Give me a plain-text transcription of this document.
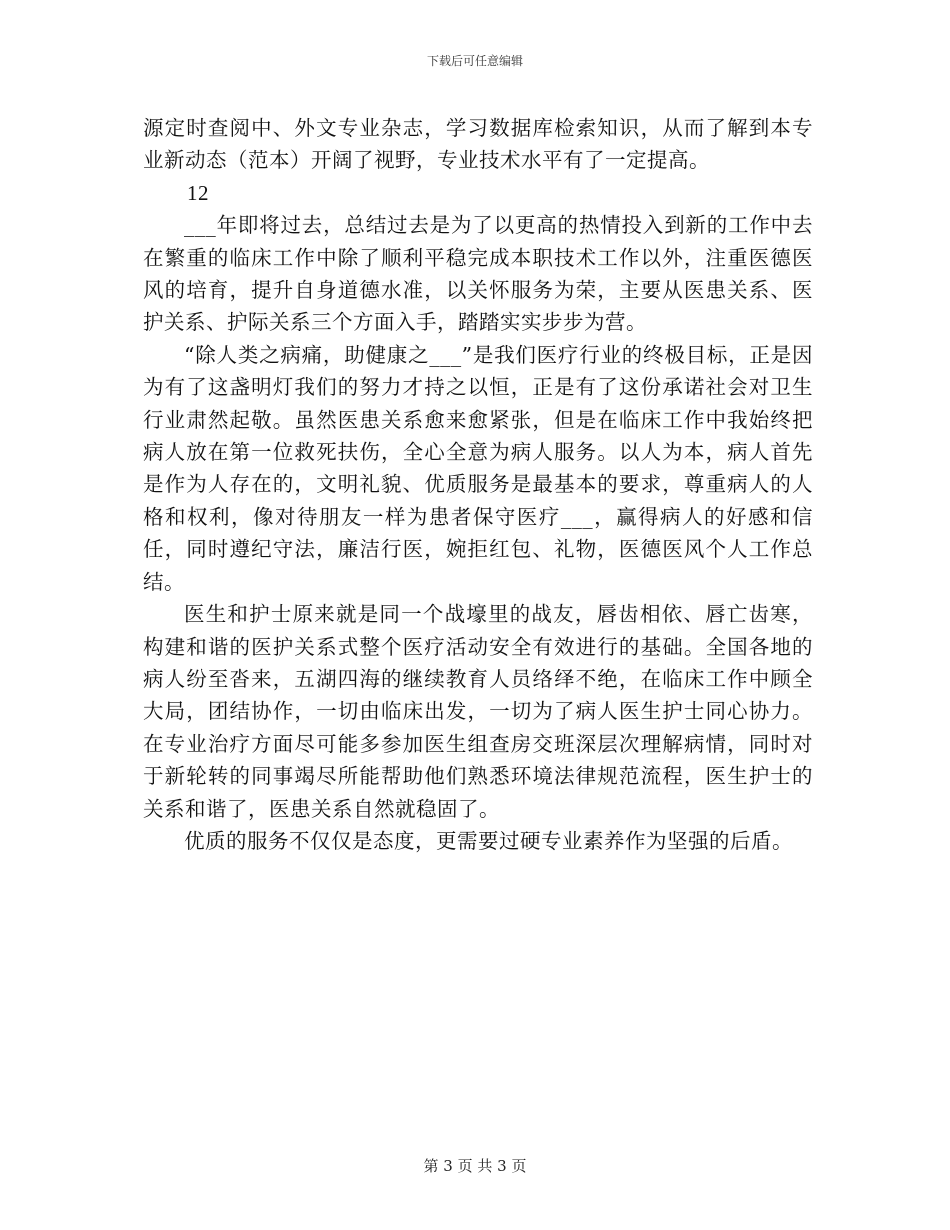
下载后可任意编辑

源定时查阅中、外文专业杂志，学习数据库检索知识，从而了解到本专业新动态（范本）开阔了视野，专业技术水平有了一定提高。

12

___年即将过去，总结过去是为了以更高的热情投入到新的工作中去在繁重的临床工作中除了顺利平稳完成本职技术工作以外，注重医德医风的培育，提升自身道德水准，以关怀服务为荣，主要从医患关系、医护关系、护际关系三个方面入手，踏踏实实步步为营。

“除人类之病痛，助健康之___”是我们医疗行业的终极目标，正是因为有了这盏明灯我们的努力才持之以恒，正是有了这份承诺社会对卫生行业肃然起敬。虽然医患关系愈来愈紧张，但是在临床工作中我始终把病人放在第一位救死扶伤，全心全意为病人服务。以人为本，病人首先是作为人存在的，文明礼貌、优质服务是最基本的要求，尊重病人的人格和权利，像对待朋友一样为患者保守医疗___，赢得病人的好感和信任，同时遵纪守法，廉洁行医，婉拒红包、礼物，医德医风个人工作总结。

医生和护士原来就是同一个战壕里的战友，唇齿相依、唇亡齿寒，构建和谐的医护关系式整个医疗活动安全有效进行的基础。全国各地的病人纷至沓来，五湖四海的继续教育人员络绎不绝，在临床工作中顾全大局，团结协作，一切由临床出发，一切为了病人医生护士同心协力。在专业治疗方面尽可能多参加医生组查房交班深层次理解病情，同时对于新轮转的同事竭尽所能帮助他们熟悉环境法律规范流程，医生护士的关系和谐了，医患关系自然就稳固了。

优质的服务不仅仅是态度，更需要过硬专业素养作为坚强的后盾。

第 3 页 共 3 页
